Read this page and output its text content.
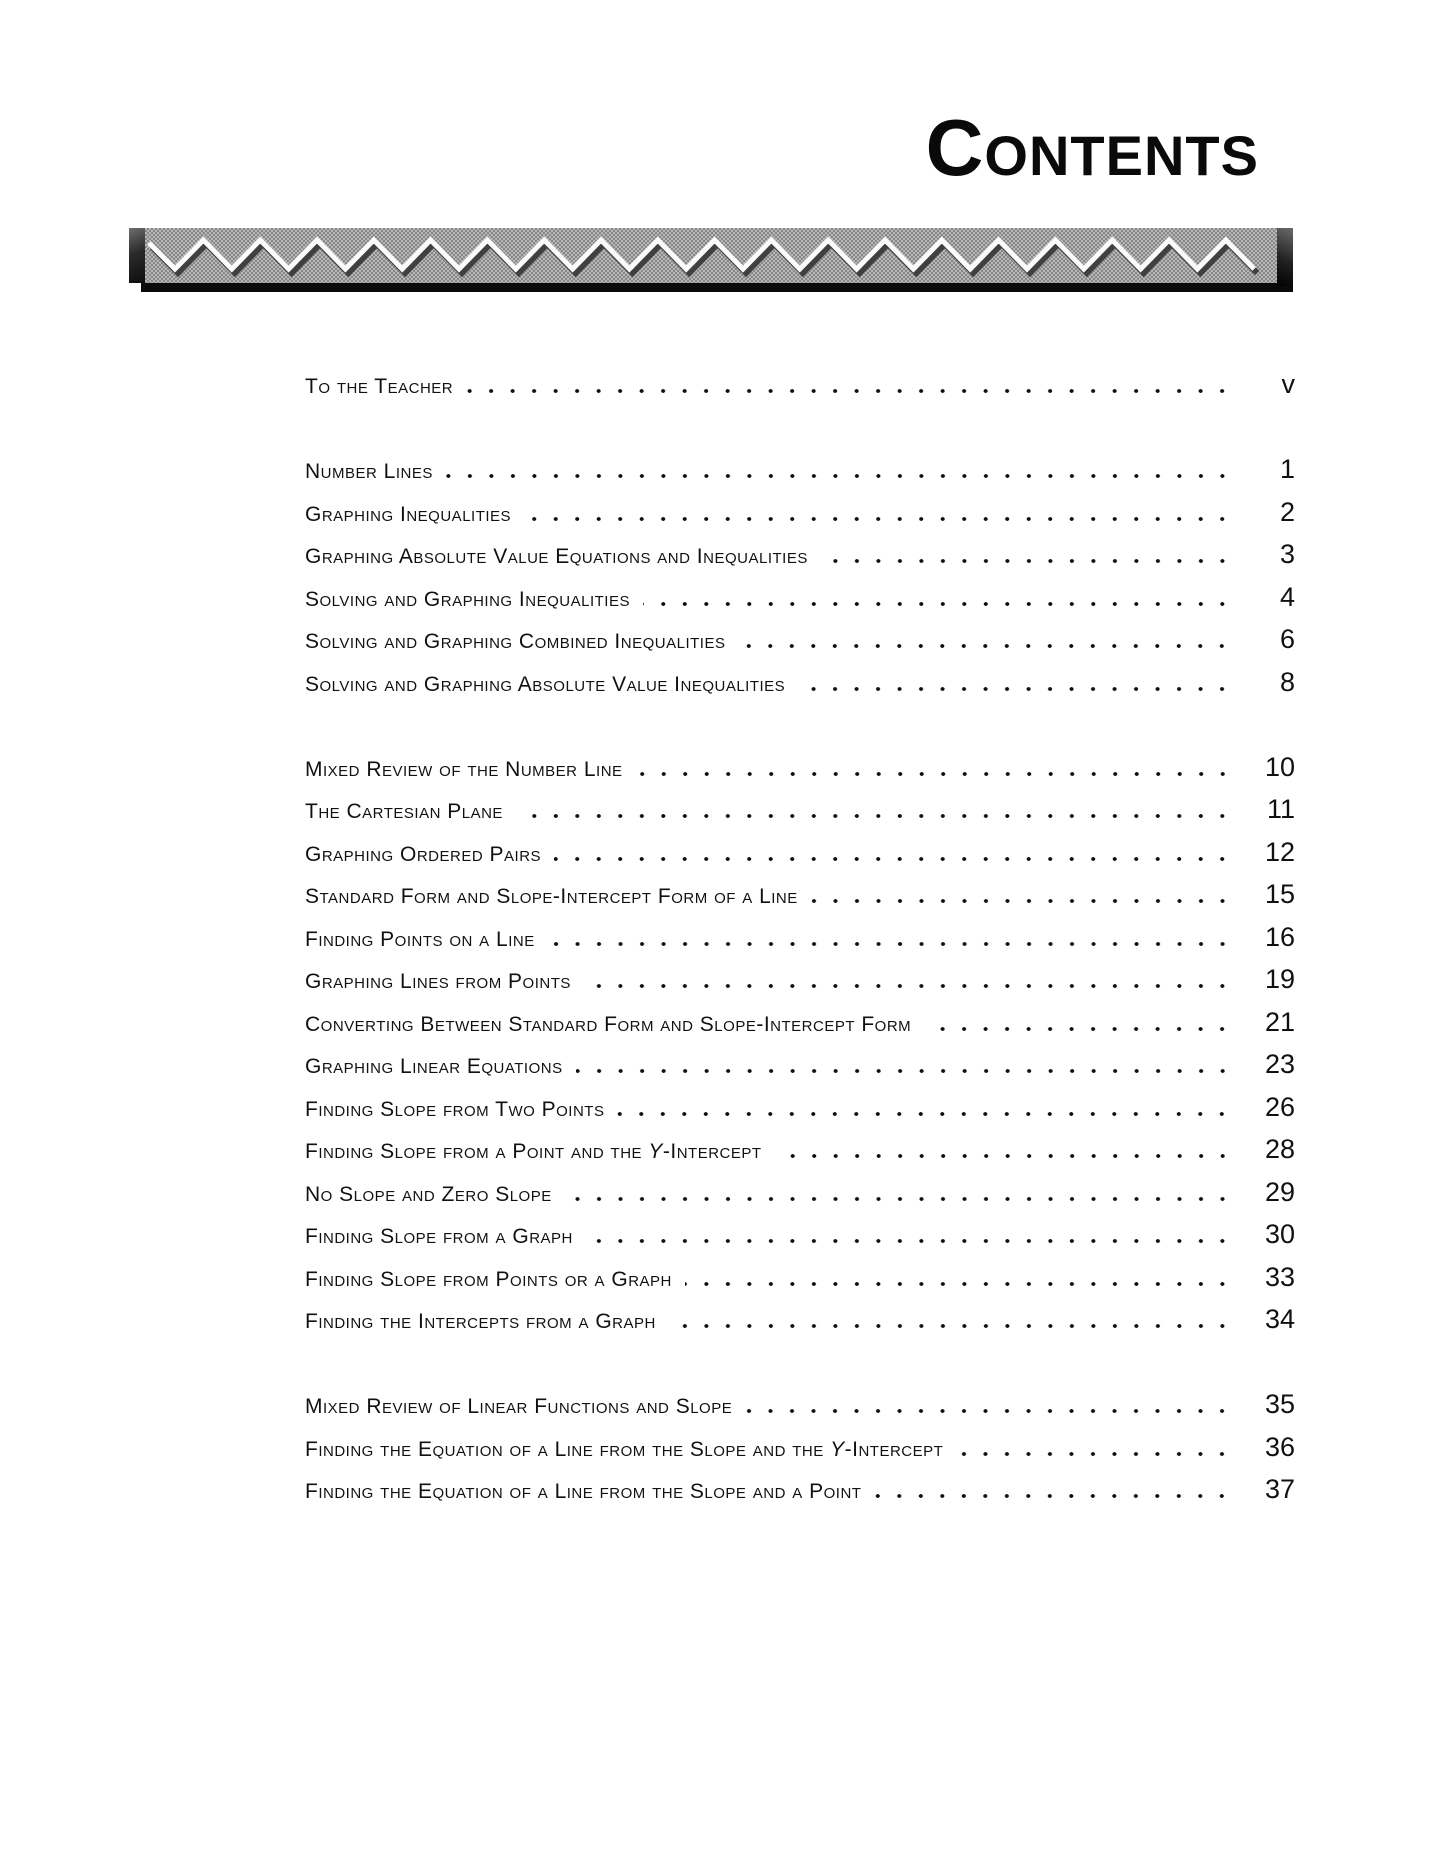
Contents
To the Teacher	v
Number Lines	1
Graphing Inequalities	2
Graphing Absolute Value Equations and Inequalities	3
Solving and Graphing Inequalities	4
Solving and Graphing Combined Inequalities	6
Solving and Graphing Absolute Value Inequalities	8
Mixed Review of the Number Line	10
The Cartesian Plane	11
Graphing Ordered Pairs	12
Standard Form and Slope-Intercept Form of a Line	15
Finding Points on a Line	16
Graphing Lines from Points	19
Converting Between Standard Form and Slope-Intercept Form	21
Graphing Linear Equations	23
Finding Slope from Two Points	26
Finding Slope from a Point and the Y-Intercept	28
No Slope and Zero Slope	29
Finding Slope from a Graph	30
Finding Slope from Points or a Graph	33
Finding the Intercepts from a Graph	34
Mixed Review of Linear Functions and Slope	35
Finding the Equation of a Line from the Slope and the Y-Intercept	36
Finding the Equation of a Line from the Slope and a Point	37
